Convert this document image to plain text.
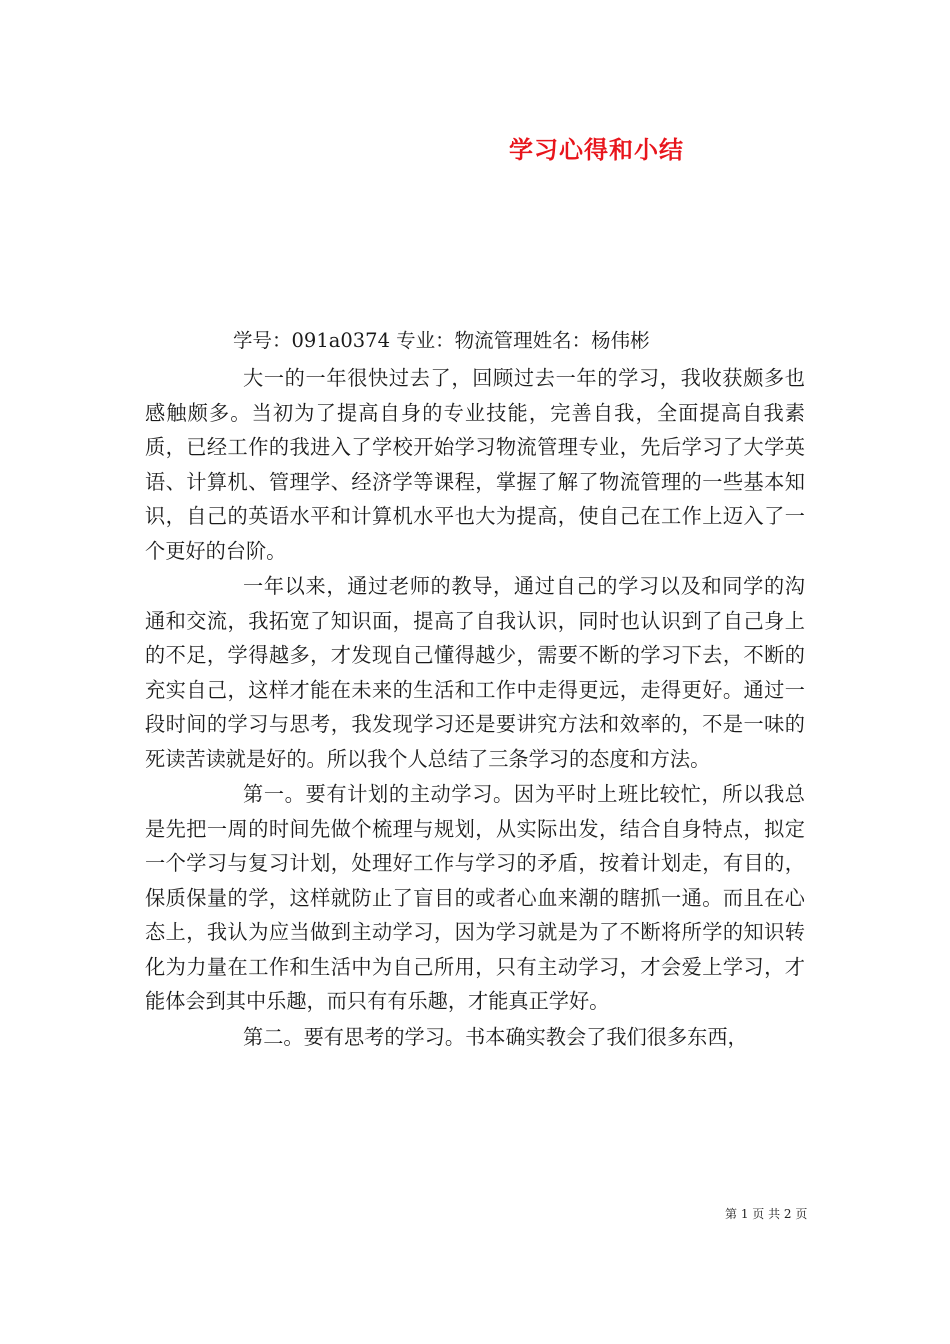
学习心得和小结
学号：091a0374 专业：物流管理姓名：杨伟彬

大一的一年很快过去了，回顾过去一年的学习，我收获颇多也感触颇多。当初为了提高自身的专业技能，完善自我，全面提高自我素质，已经工作的我进入了学校开始学习物流管理专业，先后学习了大学英语、计算机、管理学、经济学等课程，掌握了解了物流管理的一些基本知识，自己的英语水平和计算机水平也大为提高，使自己在工作上迈入了一个更好的台阶。

一年以来，通过老师的教导，通过自己的学习以及和同学的沟通和交流，我拓宽了知识面，提高了自我认识，同时也认识到了自己身上的不足，学得越多，才发现自己懂得越少，需要不断的学习下去，不断的充实自己，这样才能在未来的生活和工作中走得更远，走得更好。通过一段时间的学习与思考，我发现学习还是要讲究方法和效率的，不是一味的死读苦读就是好的。所以我个人总结了三条学习的态度和方法。

第一。要有计划的主动学习。因为平时上班比较忙，所以我总是先把一周的时间先做个梳理与规划，从实际出发，结合自身特点，拟定一个学习与复习计划，处理好工作与学习的矛盾，按着计划走，有目的，保质保量的学，这样就防止了盲目的或者心血来潮的瞎抓一通。而且在心态上，我认为应当做到主动学习，因为学习就是为了不断将所学的知识转化为力量在工作和生活中为自己所用，只有主动学习，才会爱上学习，才能体会到其中乐趣，而只有有乐趣，才能真正学好。

第二。要有思考的学习。书本确实教会了我们很多东西，

第 1 页 共 2 页
